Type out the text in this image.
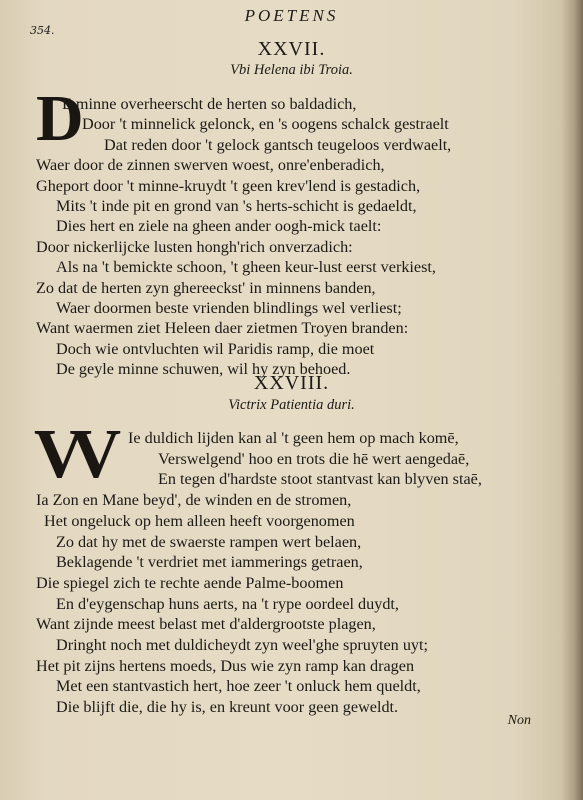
POETENS
354.
XXVII.
Vbi Helena ibi Troia.
D
E minne overheerscht de herten so baldadich,
Door 't minnelick gelonck, en 's oogens schalck gestraelt
Dat reden door 't gelock gantsch teugeloos verdwaelt,
Waer door de zinnen swerven woest, onre'enberadich,
Gheport door 't minne-kruydt 't geen krev'lend is gestadich,
Mits 't inde pit en grond van 's herts-schicht is gedaeldt,
Dies hert en ziele na gheen ander oogh-mick taelt:
Door nickerlijcke lusten hongh'rich onverzadich:
Als na 't bemickte schoon, 't gheen keur-lust eerst verkiest,
Zo dat de herten zyn ghereeckst' in minnens banden,
Waer doormen beste vrienden blindlings wel verliest;
Want waermen ziet Heleen daer zietmen Troyen branden:
Doch wie ontvluchten wil Paridis ramp, die moet
De geyle minne schuwen, wil hy zyn behoed.
XXVIII.
Victrix Patientia duri.
VV Ie duldich lijden kan al 't geen hem op mach komē,
Verswelgend' hoo en trots die hē wert aengedaē,
En tegen d'hardste stoot stantvast kan blyven staē,
Ia Zon en Mane beyd', de winden en de stromen,
Het ongeluck op hem alleen heeft voorgenomen
Zo dat hy met de swaerste rampen wert belaen,
Beklagende 't verdriet met iammerings getraen,
Die spiegel zich te rechte aende Palme-boomen
En d'eygenschap huns aerts, na 't rype oordeel duydt,
Want zijnde meest belast met d'aldergrootste plagen,
Dringht noch met duldicheydt zyn weel'ghe spruyten uyt;
Het pit zijns hertens moeds, Dus wie zyn ramp kan dragen
Met een stantvastich hert, hoe zeer 't onluck hem queldt,
Die blijft die, die hy is, en kreunt voor geen geweldt.
Non
